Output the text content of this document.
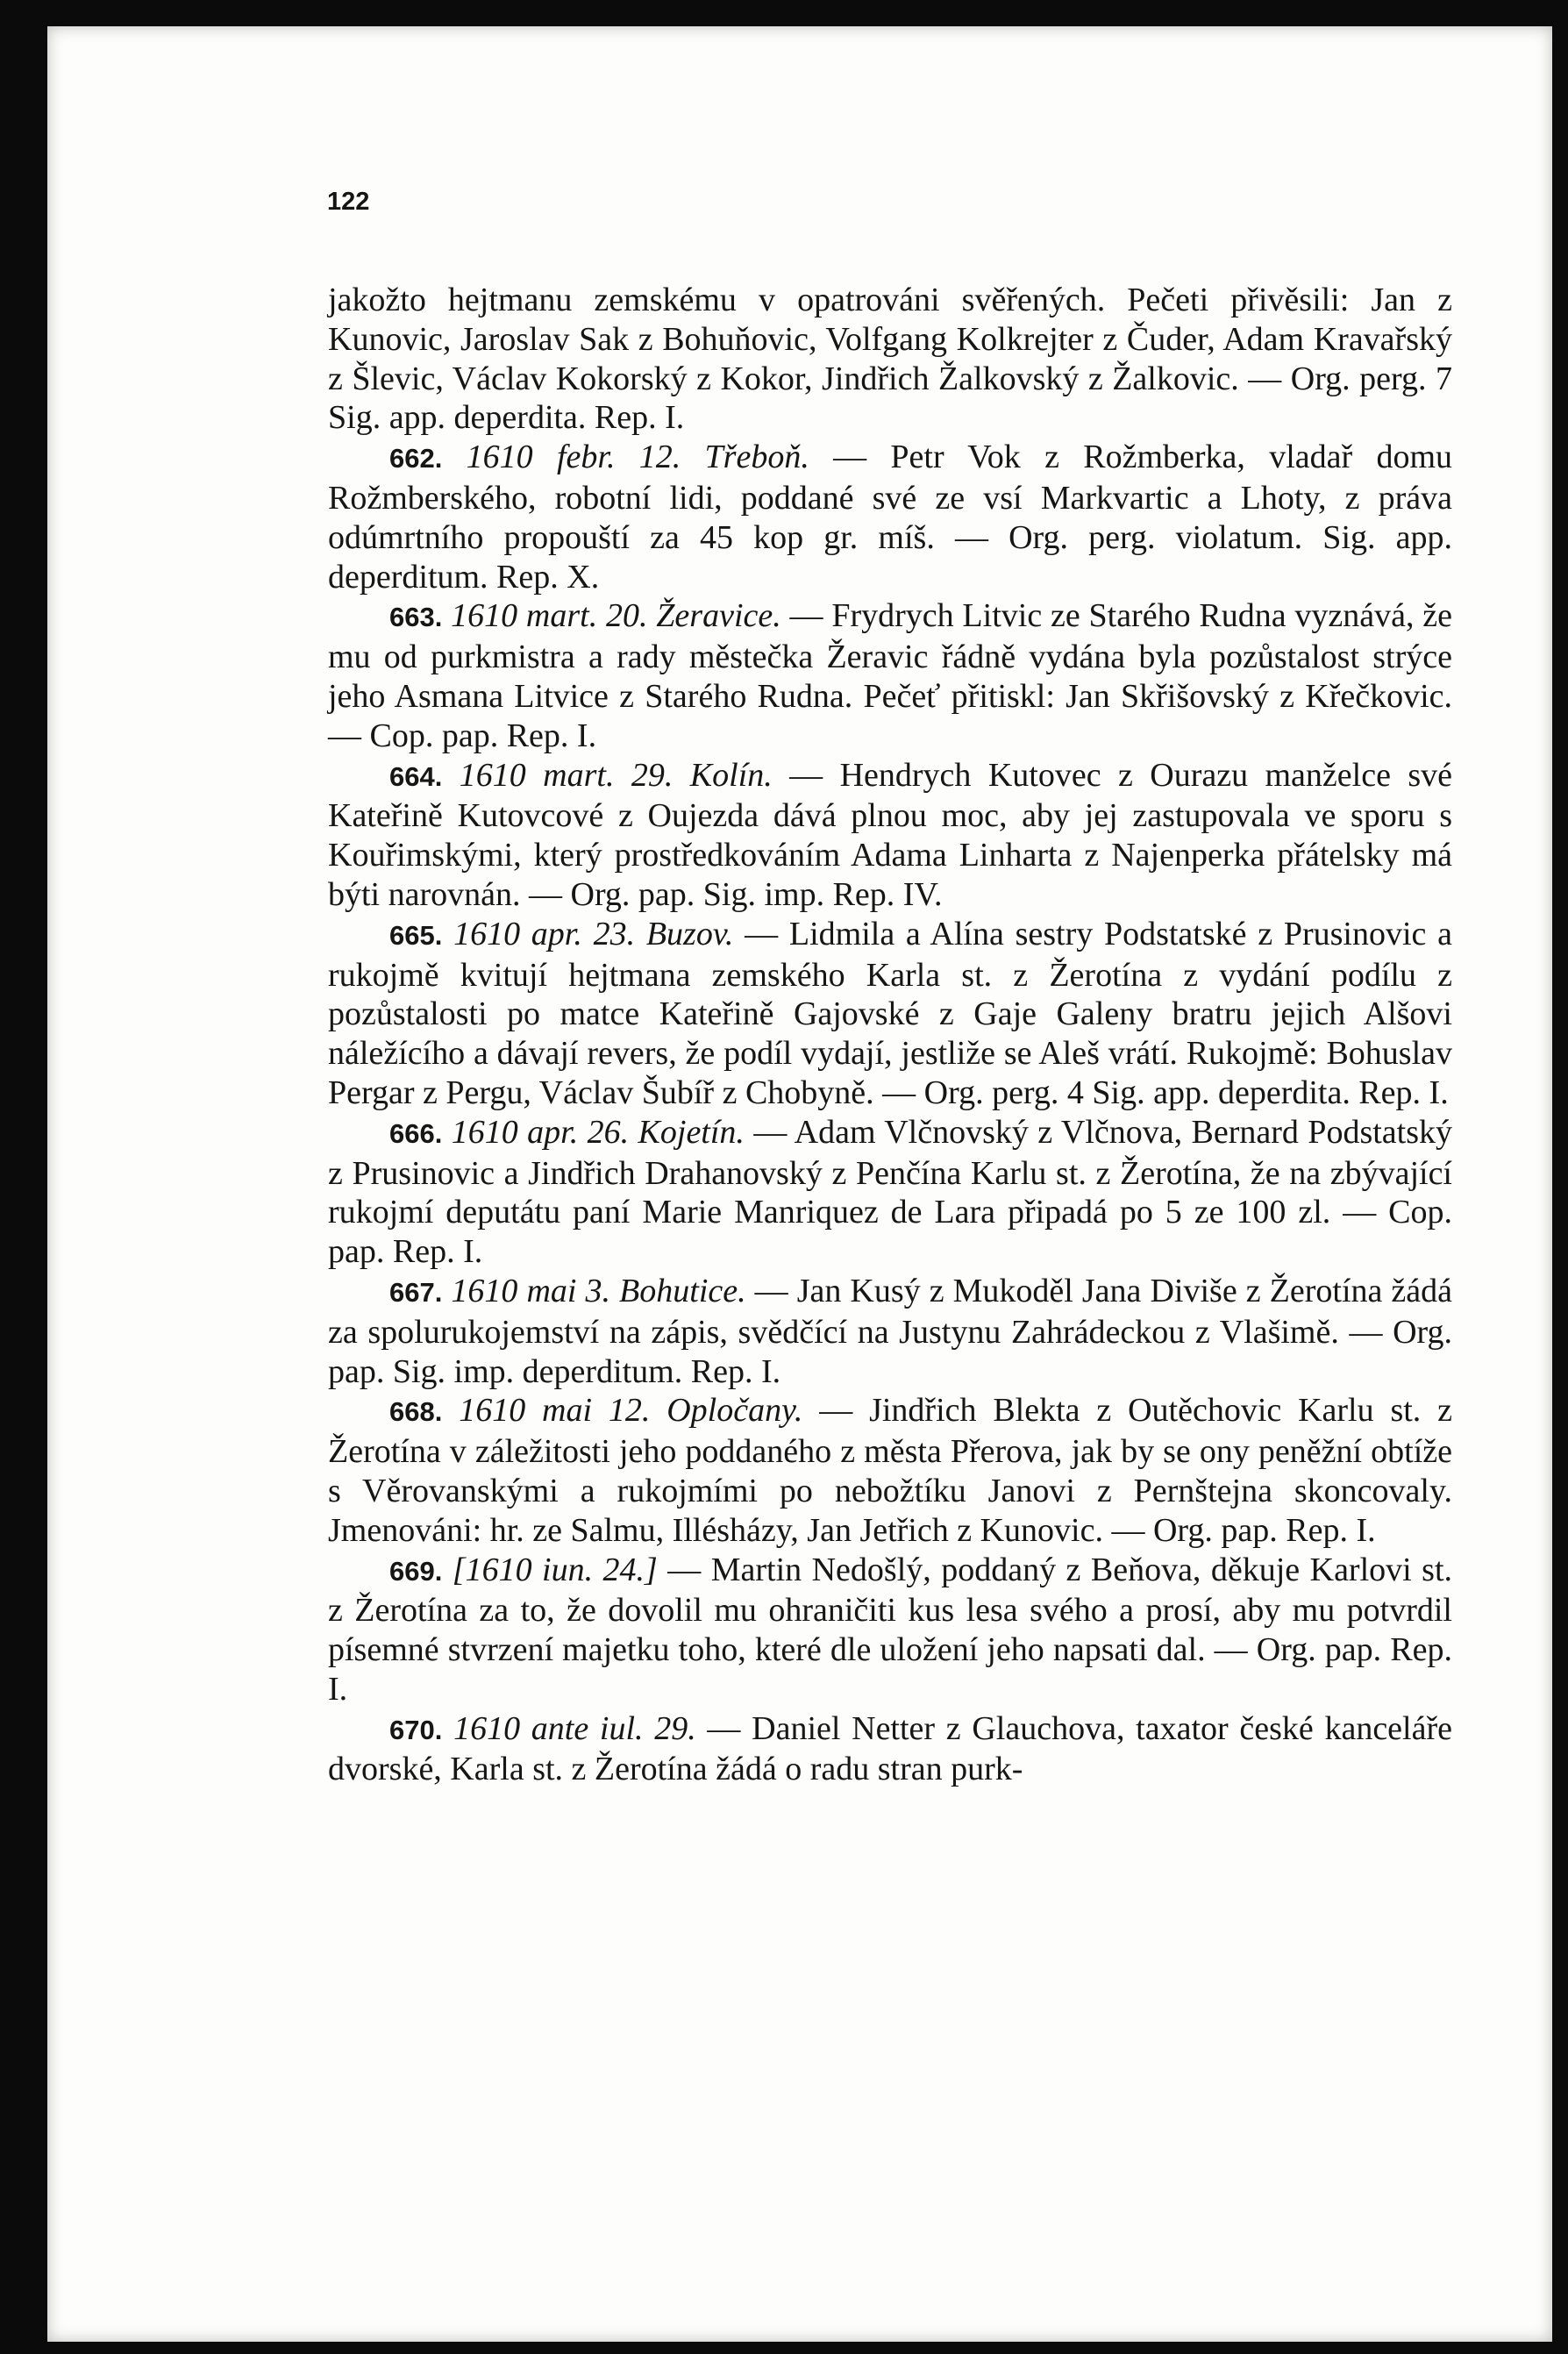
122

jakožto hejtmanu zemskému v opatrováni svěřených. Pečeti přivěsili: Jan z Kunovic, Jaroslav Sak z Bohuňovic, Volfgang Kolkrejter z Čuder, Adam Kravařský z Šlevic, Václav Kokorský z Kokor, Jindřich Žalkovský z Žalkovic. — Org. perg. 7 Sig. app. deperdita. Rep. I.

662. 1610 febr. 12. Třeboň. — Petr Vok z Rožmberka, vladař domu Rožmberského, robotní lidi, poddané své ze vsí Markvartic a Lhoty, z práva odúmrtního propouští za 45 kop gr. míš. — Org. perg. violatum. Sig. app. deperditum. Rep. X.

663. 1610 mart. 20. Žeravice. — Frydrych Litvic ze Starého Rudna vyznává, že mu od purkmistra a rady městečka Žeravic řádně vydána byla pozůstalost strýce jeho Asmana Litvice z Starého Rudna. Pečeť přitiskl: Jan Skřišovský z Křečkovic. — Cop. pap. Rep. I.

664. 1610 mart. 29. Kolín. — Hendrych Kutovec z Ourazu manželce své Kateřině Kutovcové z Oujezda dává plnou moc, aby jej zastupovala ve sporu s Kouřimskými, který prostředkováním Adama Linharta z Najenperka přátelsky má býti narovnán. — Org. pap. Sig. imp. Rep. IV.

665. 1610 apr. 23. Buzov. — Lidmila a Alína sestry Podstatské z Prusinovic a rukojmě kvitují hejtmana zemského Karla st. z Žerotína z vydání podílu z pozůstalosti po matce Kateřině Gajovské z Gaje Galeny bratru jejich Alšovi náležícího a dávají revers, že podíl vydají, jestliže se Aleš vrátí. Rukojmě: Bohuslav Pergar z Pergu, Václav Šubíř z Chobyně. — Org. perg. 4 Sig. app. deperdita. Rep. I.

666. 1610 apr. 26. Kojetín. — Adam Vlčnovský z Vlčnova, Bernard Podstatský z Prusinovic a Jindřich Drahanovský z Penčína Karlu st. z Žerotína, že na zbývající rukojmí deputátu paní Marie Manriquez de Lara připadá po 5 ze 100 zl. — Cop. pap. Rep. I.

667. 1610 mai 3. Bohutice. — Jan Kusý z Mukoděl Jana Diviše z Žerotína žádá za spolurukojemství na zápis, svědčící na Justynu Zahrádeckou z Vlašimě. — Org. pap. Sig. imp. deperditum. Rep. I.

668. 1610 mai 12. Opločany. — Jindřich Blekta z Outěchovic Karlu st. z Žerotína v záležitosti jeho poddaného z města Přerova, jak by se ony peněžní obtíže s Věrovanskými a rukojmími po nebožtíku Janovi z Pernštejna skoncovaly. Jmenováni: hr. ze Salmu, Illésházy, Jan Jetřich z Kunovic. — Org. pap. Rep. I.

669. [1610 iun. 24.] — Martin Nedošlý, poddaný z Beňova, děkuje Karlovi st. z Žerotína za to, že dovolil mu ohraničiti kus lesa svého a prosí, aby mu potvrdil písemné stvrzení majetku toho, které dle uložení jeho napsati dal. — Org. pap. Rep. I.

670. 1610 ante iul. 29. — Daniel Netter z Glauchova, taxator české kanceláře dvorské, Karla st. z Žerotína žádá o radu stran purk-
